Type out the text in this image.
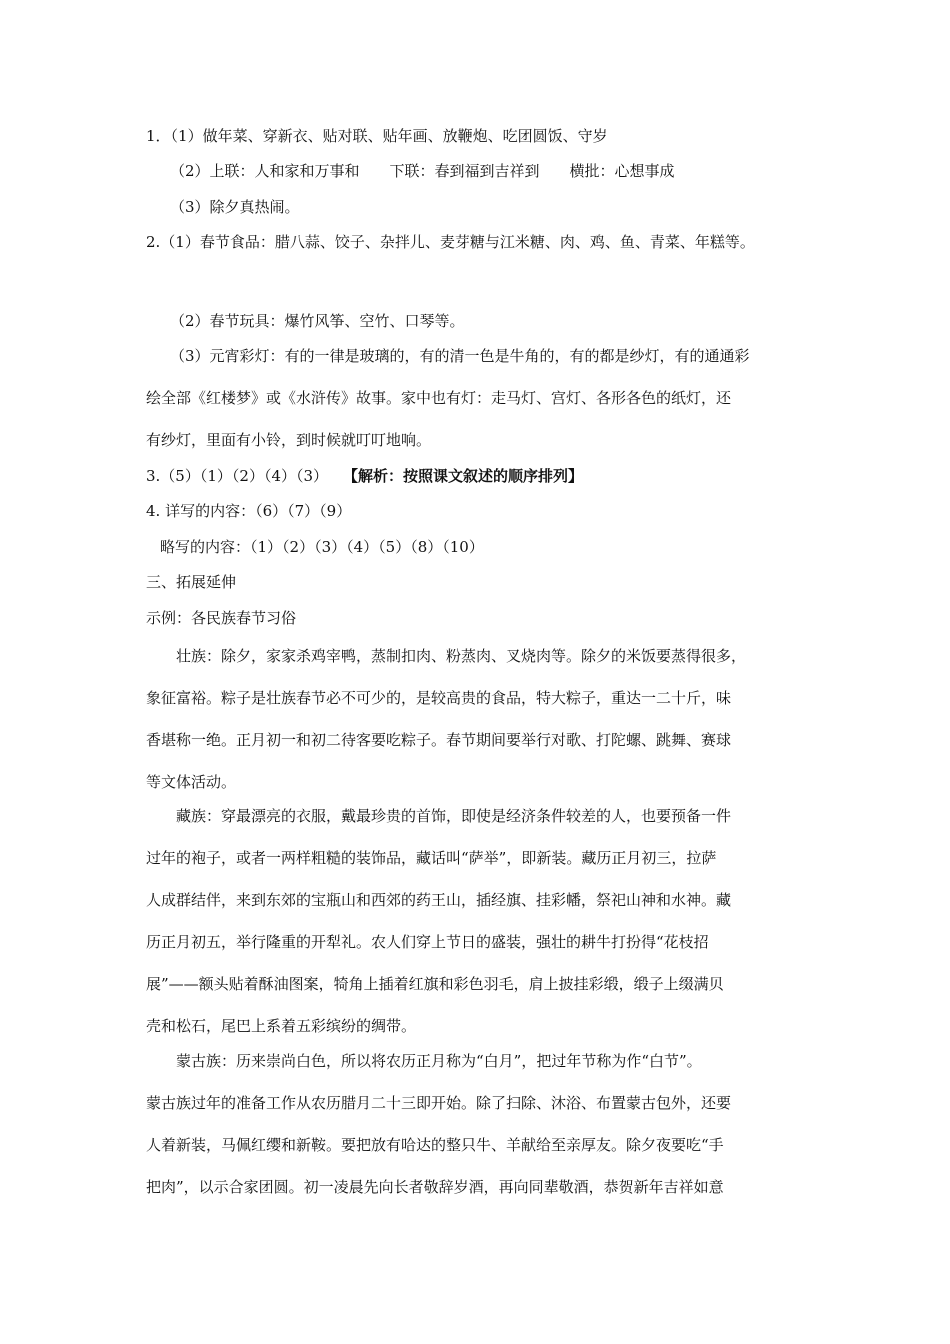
1．（1）做年菜、穿新衣、贴对联、贴年画、放鞭炮、吃团圆饭、守岁
（2）上联：人和家和万事和　　下联：春到福到吉祥到　　横批：心想事成
（3）除夕真热闹。
2.（1）春节食品：腊八蒜、饺子、杂拌儿、麦芽糖与江米糖、肉、鸡、鱼、青菜、年糕等。
（2）春节玩具：爆竹风筝、空竹、口琴等。
（3）元宵彩灯：有的一律是玻璃的，有的清一色是牛角的，有的都是纱灯，有的通通彩
绘全部《红楼梦》或《水浒传》故事。家中也有灯：走马灯、宫灯、各形各色的纸灯，还
有纱灯，里面有小铃，到时候就叮叮地响。
3.（5）（1）（2）（4）（3）　　【解析：按照课文叙述的顺序排列】
4. 详写的内容：（6）（7）（9）
略写的内容：（1）（2）（3）（4）（5）（8）（10）
三、拓展延伸
示例：各民族春节习俗
壮族：除夕，家家杀鸡宰鸭，蒸制扣肉、粉蒸肉、叉烧肉等。除夕的米饭要蒸得很多，
象征富裕。粽子是壮族春节必不可少的，是较高贵的食品，特大粽子，重达一二十斤，味
香堪称一绝。正月初一和初二待客要吃粽子。春节期间要举行对歌、打陀螺、跳舞、赛球
等文体活动。
藏族：穿最漂亮的衣服，戴最珍贵的首饰，即使是经济条件较差的人，也要预备一件
过年的袍子，或者一两样粗糙的装饰品，藏话叫“萨举”，即新装。藏历正月初三，拉萨
人成群结伴，来到东郊的宝瓶山和西郊的药王山，插经旗、挂彩幡，祭祀山神和水神。藏
历正月初五，举行隆重的开犁礼。农人们穿上节日的盛装，强壮的耕牛打扮得“花枝招
展”——额头贴着酥油图案，犄角上插着红旗和彩色羽毛，肩上披挂彩缎，缎子上缀满贝
壳和松石，尾巴上系着五彩缤纷的绸带。
蒙古族：历来崇尚白色，所以将农历正月称为“白月”，把过年节称为作“白节”。
蒙古族过年的准备工作从农历腊月二十三即开始。除了扫除、沐浴、布置蒙古包外，还要
人着新装，马佩红缨和新鞍。要把放有哈达的整只牛、羊献给至亲厚友。除夕夜要吃“手
把肉”，以示合家团圆。初一凌晨先向长者敬辞岁酒，再向同辈敬酒，恭贺新年吉祥如意
